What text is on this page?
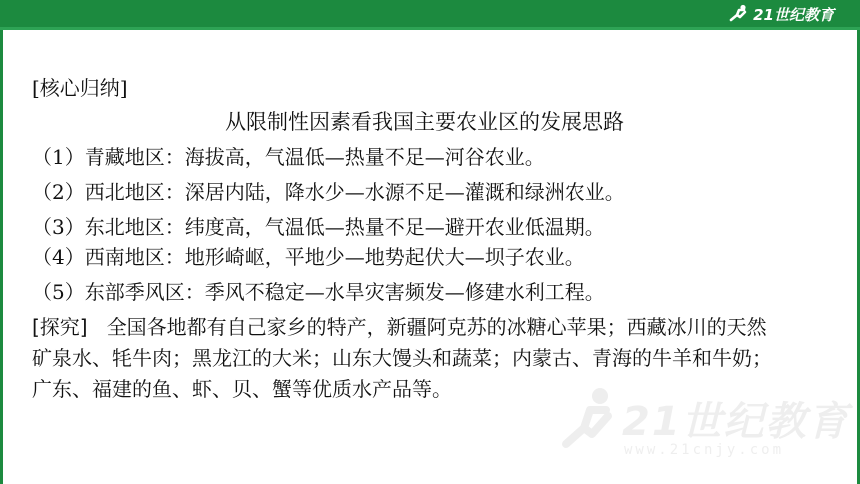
21世纪教育
21世纪教育
www.21cnjy.com
[核心归纳]
从限制性因素看我国主要农业区的发展思路
（1）青藏地区：海拔高，气温低—热量不足—河谷农业。
（2）西北地区：深居内陆，降水少—水源不足—灌溉和绿洲农业。
（3）东北地区：纬度高，气温低—热量不足—避开农业低温期。
（4）西南地区：地形崎岖，平地少—地势起伏大—坝子农业。
（5）东部季风区：季风不稳定—水旱灾害频发—修建水利工程。
[探究] 全国各地都有自己家乡的特产，新疆阿克苏的冰糖心苹果；西藏冰川的天然
矿泉水、牦牛肉；黑龙江的大米；山东大馒头和蔬菜；内蒙古、青海的牛羊和牛奶；
广东、福建的鱼、虾、贝、蟹等优质水产品等。
